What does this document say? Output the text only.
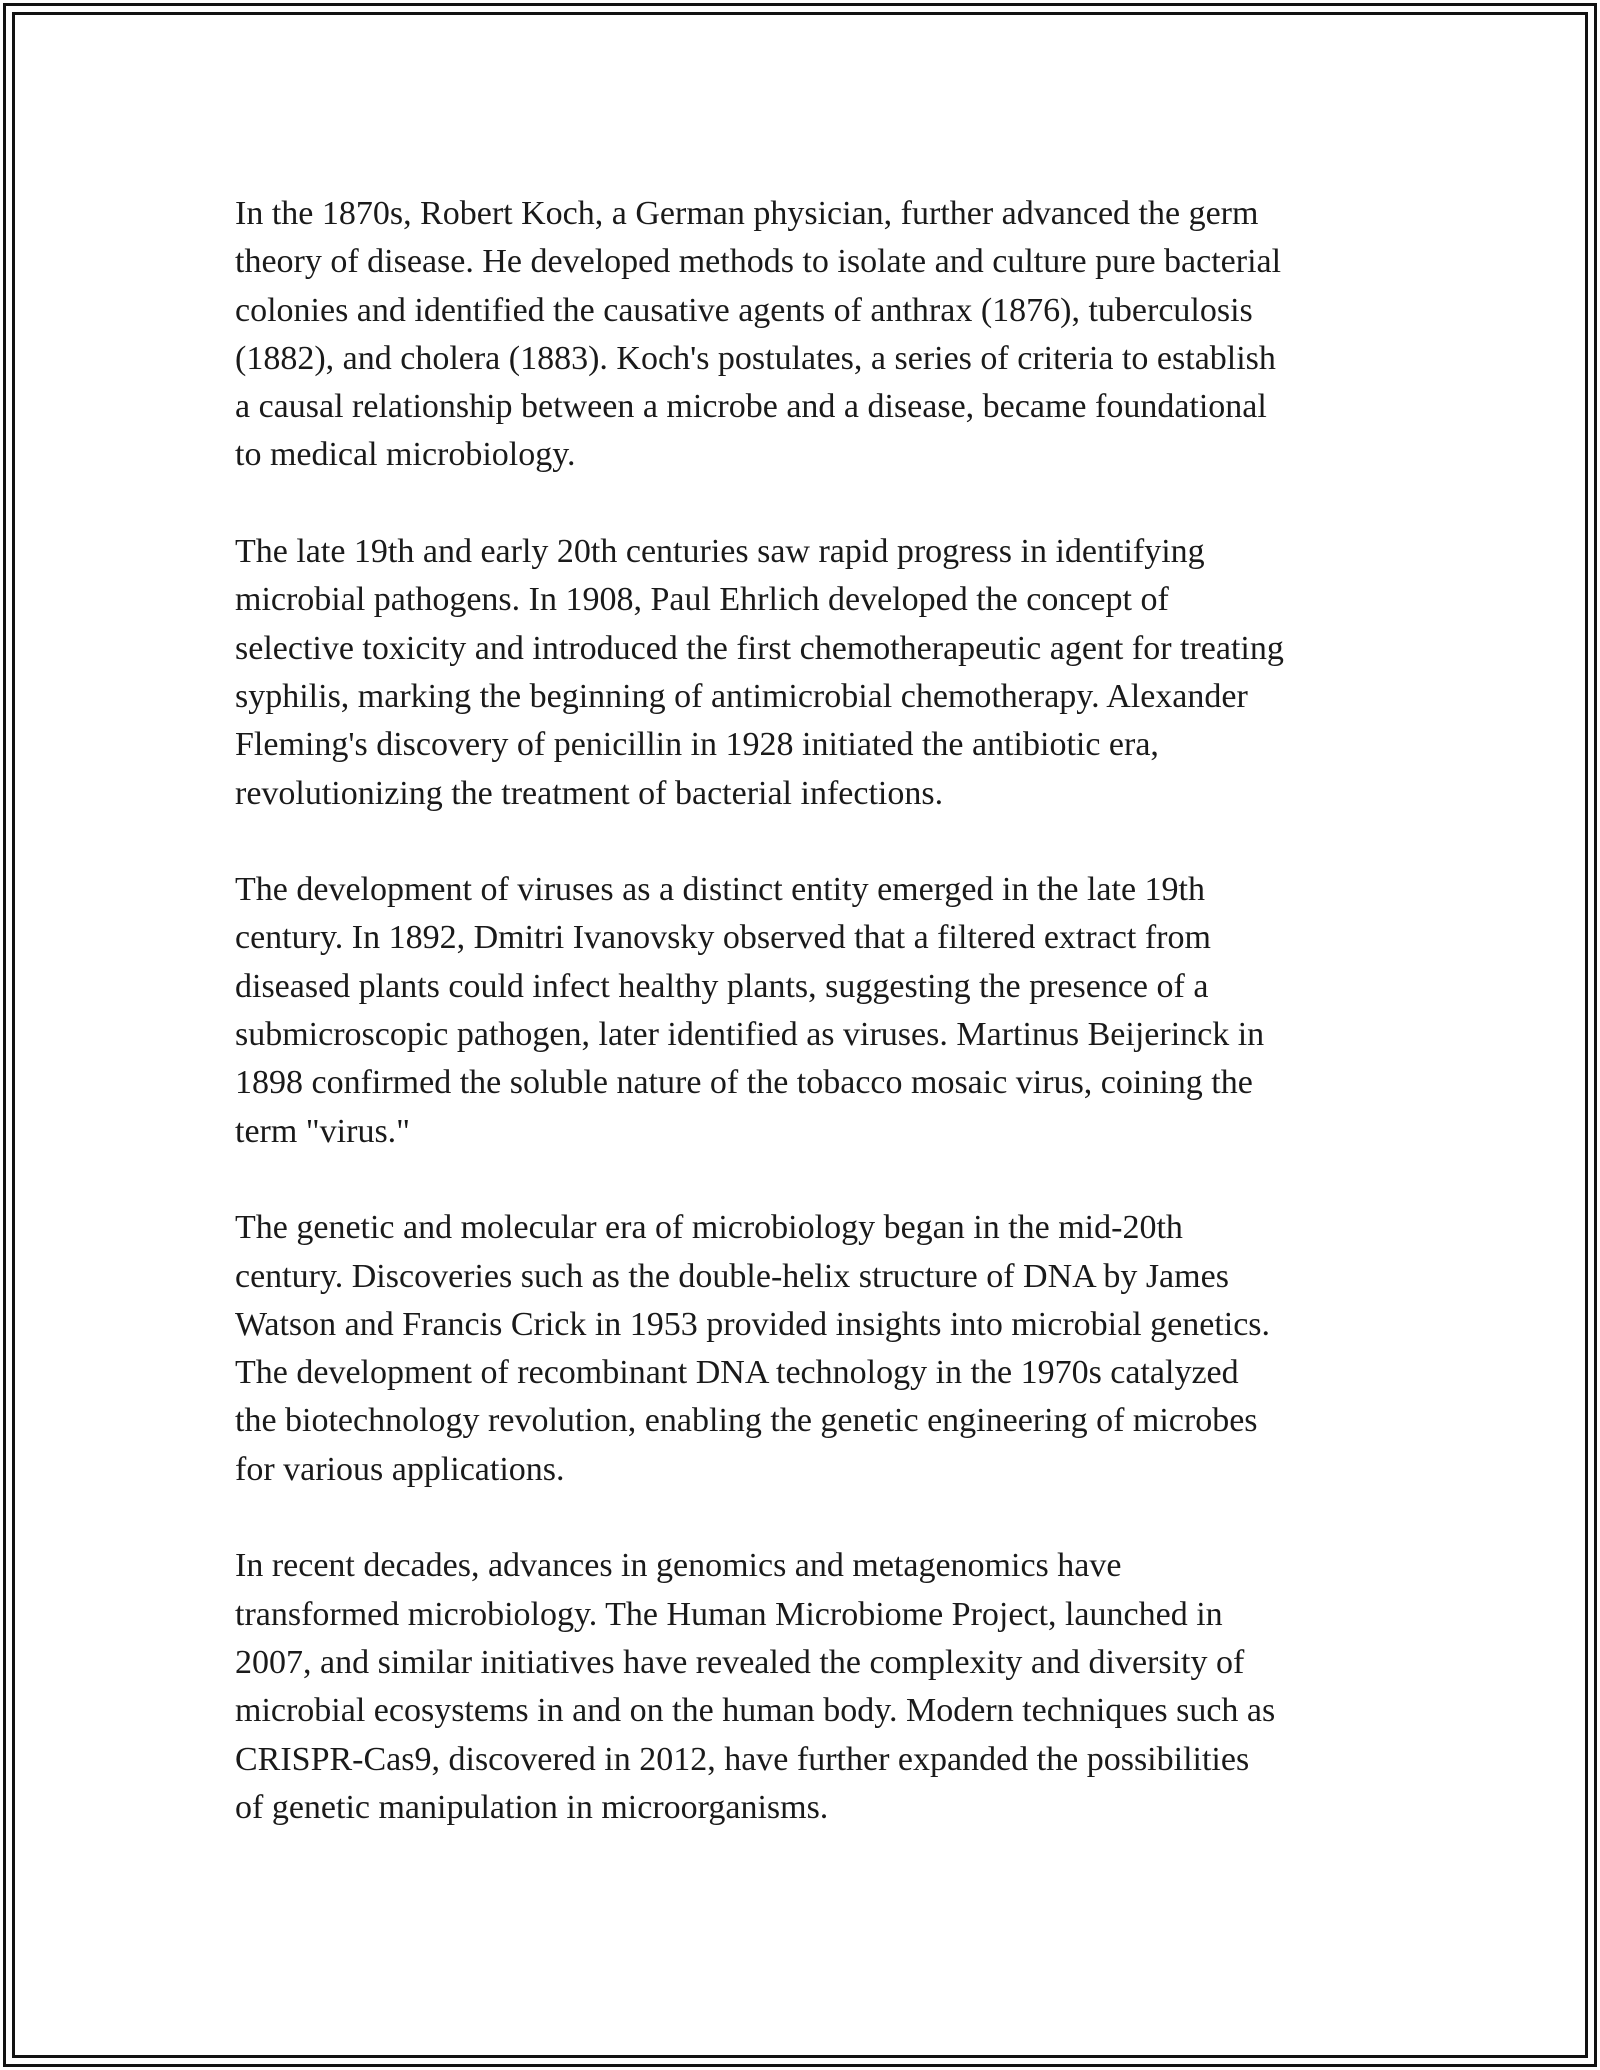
In the 1870s, Robert Koch, a German physician, further advanced the germ
theory of disease. He developed methods to isolate and culture pure bacterial
colonies and identified the causative agents of anthrax (1876), tuberculosis
(1882), and cholera (1883). Koch's postulates, a series of criteria to establish
a causal relationship between a microbe and a disease, became foundational
to medical microbiology.

The late 19th and early 20th centuries saw rapid progress in identifying
microbial pathogens. In 1908, Paul Ehrlich developed the concept of
selective toxicity and introduced the first chemotherapeutic agent for treating
syphilis, marking the beginning of antimicrobial chemotherapy. Alexander
Fleming's discovery of penicillin in 1928 initiated the antibiotic era,
revolutionizing the treatment of bacterial infections.

The development of viruses as a distinct entity emerged in the late 19th
century. In 1892, Dmitri Ivanovsky observed that a filtered extract from
diseased plants could infect healthy plants, suggesting the presence of a
submicroscopic pathogen, later identified as viruses. Martinus Beijerinck in
1898 confirmed the soluble nature of the tobacco mosaic virus, coining the
term "virus."

The genetic and molecular era of microbiology began in the mid-20th
century. Discoveries such as the double-helix structure of DNA by James
Watson and Francis Crick in 1953 provided insights into microbial genetics.
The development of recombinant DNA technology in the 1970s catalyzed
the biotechnology revolution, enabling the genetic engineering of microbes
for various applications.

In recent decades, advances in genomics and metagenomics have
transformed microbiology. The Human Microbiome Project, launched in
2007, and similar initiatives have revealed the complexity and diversity of
microbial ecosystems in and on the human body. Modern techniques such as
CRISPR-Cas9, discovered in 2012, have further expanded the possibilities
of genetic manipulation in microorganisms.
